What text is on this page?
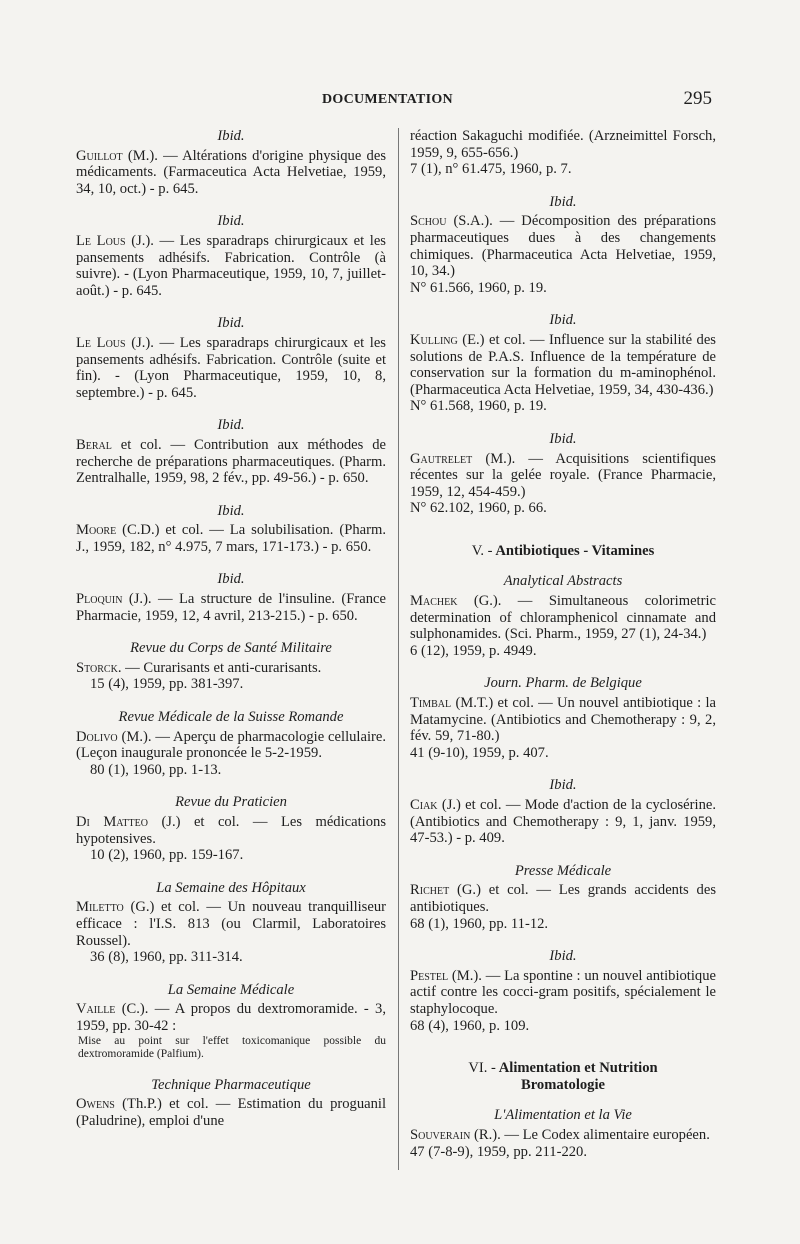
DOCUMENTATION	295
Ibid.

Guillot (M.). — Altérations d'origine physique des médicaments. (Farmaceutica Acta Helvetiae, 1959, 34, 10, oct.) - p. 645.

Ibid.

Le Lous (J.). — Les sparadraps chirurgicaux et les pansements adhésifs. Fabrication. Contrôle (à suivre). - (Lyon Pharmaceutique, 1959, 10, 7, juillet-août.) - p. 645.

Ibid.

Le Lous (J.). — Les sparadraps chirurgicaux et les pansements adhésifs. Fabrication. Contrôle (suite et fin). - (Lyon Pharmaceutique, 1959, 10, 8, septembre.) - p. 645.

Ibid.

Beral et col. — Contribution aux méthodes de recherche de préparations pharmaceutiques. (Pharm. Zentralhalle, 1959, 98, 2 fév., pp. 49-56.) - p. 650.

Ibid.

Moore (C.D.) et col. — La solubilisation. (Pharm. J., 1959, 182, n° 4.975, 7 mars, 171-173.) - p. 650.

Ibid.

Ploquin (J.). — La structure de l'insuline. (France Pharmacie, 1959, 12, 4 avril, 213-215.) - p. 650.

Revue du Corps de Santé Militaire

Storck. — Curarisants et anti-curarisants.

15 (4), 1959, pp. 381-397.

Revue Médicale de la Suisse Romande

Dolivo (M.). — Aperçu de pharmacologie cellulaire. (Leçon inaugurale prononcée le 5-2-1959.

80 (1), 1960, pp. 1-13.

Revue du Praticien

Di Matteo (J.) et col. — Les médications hypotensives.

10 (2), 1960, pp. 159-167.

La Semaine des Hôpitaux

Miletto (G.) et col. — Un nouveau tranquilliseur efficace : l'I.S. 813 (ou Clarmil, Laboratoires Roussel).

36 (8), 1960, pp. 311-314.

La Semaine Médicale

Vaille (C.). — A propos du dextromoramide. - 3, 1959, pp. 30-42 :

Mise au point sur l'effet toxicomanique possible du dextromoramide (Palfium).

Technique Pharmaceutique

Owens (Th.P.) et col. — Estimation du proguanil (Paludrine), emploi d'une

réaction Sakaguchi modifiée. (Arzneimittel Forsch, 1959, 9, 655-656.)

7 (1), n° 61.475, 1960, p. 7.

Ibid.

Schou (S.A.). — Décomposition des préparations pharmaceutiques dues à des changements chimiques. (Pharmaceutica Acta Helvetiae, 1959, 10, 34.)

N° 61.566, 1960, p. 19.

Ibid.

Kulling (E.) et col. — Influence sur la stabilité des solutions de P.A.S. Influence de la température de conservation sur la formation du m-aminophénol. (Pharmaceutica Acta Helvetiae, 1959, 34, 430-436.)

N° 61.568, 1960, p. 19.

Ibid.

Gautrelet (M.). — Acquisitions scientifiques récentes sur la gelée royale. (France Pharmacie, 1959, 12, 454-459.)

N° 62.102, 1960, p. 66.

V. - Antibiotiques - Vitamines
Analytical Abstracts

Machek (G.). — Simultaneous colorimetric determination of chloramphenicol cinnamate and sulphonamides. (Sci. Pharm., 1959, 27 (1), 24-34.)

6 (12), 1959, p. 4949.

Journ. Pharm. de Belgique

Timbal (M.T.) et col. — Un nouvel antibiotique : la Matamycine. (Antibiotics and Chemotherapy : 9, 2, fév. 59, 71-80.)

41 (9-10), 1959, p. 407.

Ibid.

Ciak (J.) et col. — Mode d'action de la cyclosérine. (Antibiotics and Chemotherapy : 9, 1, janv. 1959, 47-53.) - p. 409.

Presse Médicale

Richet (G.) et col. — Les grands accidents des antibiotiques.

68 (1), 1960, pp. 11-12.

Ibid.

Pestel (M.). — La spontine : un nouvel antibiotique actif contre les cocci-gram positifs, spécialement le staphylocoque.

68 (4), 1960, p. 109.

VI. - Alimentation et Nutrition
Bromatologie
L'Alimentation et la Vie

Souverain (R.). — Le Codex alimentaire européen.

47 (7-8-9), 1959, pp. 211-220.
